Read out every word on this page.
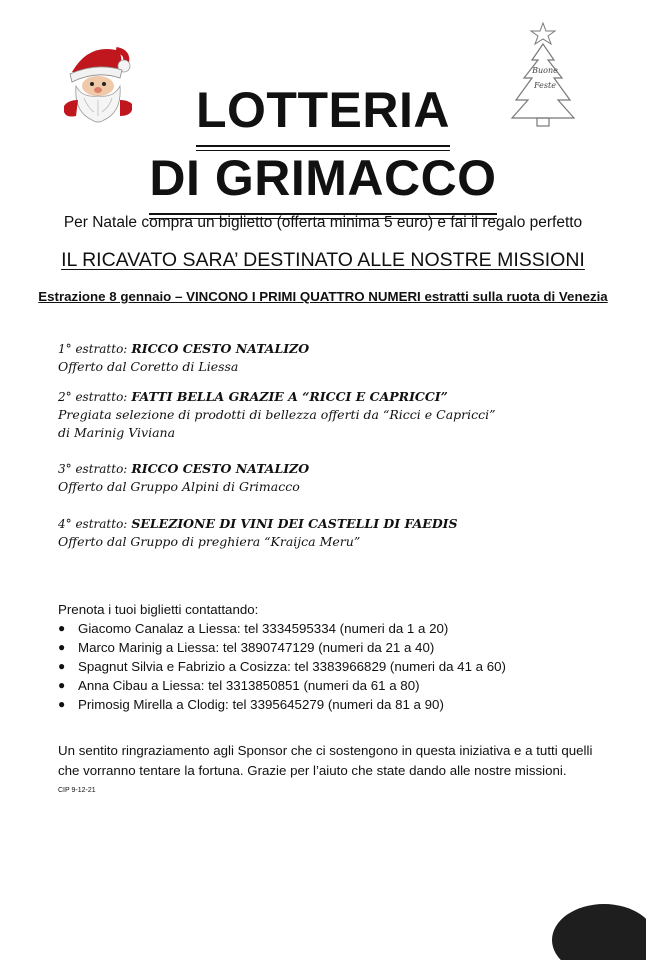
Buone
Feste
LOTTERIA
DI GRIMACCO
Per Natale compra un biglietto (offerta minima 5 euro) e fai il regalo perfetto
IL RICAVATO SARA’ DESTINATO ALLE NOSTRE MISSIONI
Estrazione 8 gennaio – VINCONO I PRIMI QUATTRO NUMERI estratti sulla ruota di Venezia
1° estratto: RICCO CESTO NATALIZO
Offerto dal Coretto di Liessa
2° estratto: FATTI BELLA GRAZIE A “RICCI E CAPRICCI”
Pregiata selezione di prodotti di bellezza offerti da “Ricci e Capricci”
di Marinig Viviana
3° estratto: RICCO CESTO NATALIZO
Offerto dal Gruppo Alpini di Grimacco
4° estratto: SELEZIONE DI VINI DEI CASTELLI DI FAEDIS
Offerto dal Gruppo di preghiera “Kraijca Meru”
Prenota i tuoi biglietti contattando:
● Giacomo Canalaz a Liessa: tel 3334595334 (numeri da 1 a 20)
● Marco Marinig a Liessa: tel 3890747129 (numeri da 21 a 40)
● Spagnut Silvia e Fabrizio a Cosizza: tel 3383966829 (numeri da 41 a 60)
● Anna Cibau a Liessa: tel 3313850851 (numeri da 61 a 80)
● Primosig Mirella a Clodig: tel 3395645279 (numeri da 81 a 90)
Un sentito ringraziamento agli Sponsor che ci sostengono in questa iniziativa e a tutti quelli che vorranno tentare la fortuna. Grazie per l’aiuto che state dando alle nostre missioni.
CIP 9-12-21
